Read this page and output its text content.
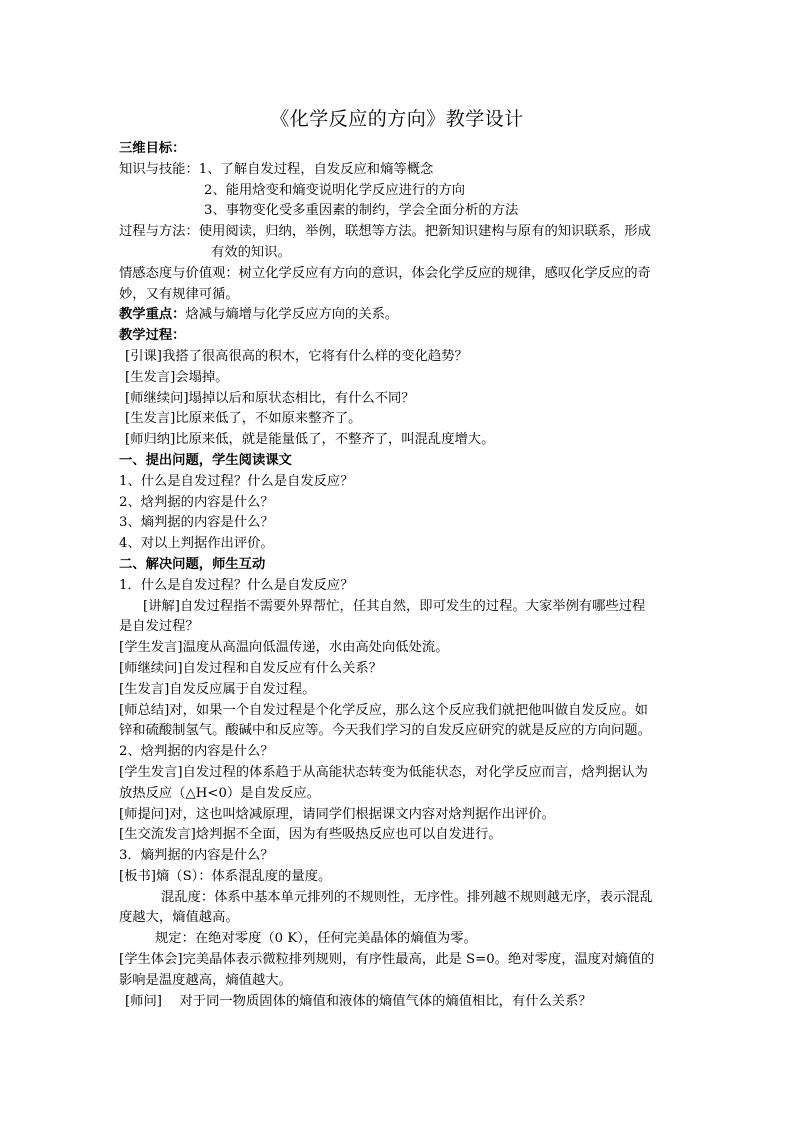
《化学反应的方向》教学设计
三维目标：
知识与技能：1、了解自发过程，自发反应和熵等概念
2、能用焓变和熵变说明化学反应进行的方向
3、事物变化受多重因素的制约，学会全面分析的方法
过程与方法：使用阅读，归纳，举例，联想等方法。把新知识建构与原有的知识联系，形成
有效的知识。
情感态度与价值观：树立化学反应有方向的意识，体会化学反应的规律，感叹化学反应的奇
妙，又有规律可循。
教学重点：焓减与熵增与化学反应方向的关系。
教学过程：
[引课]我搭了很高很高的积木，它将有什么样的变化趋势？
[生发言]会塌掉。
[师继续问]塌掉以后和原状态相比，有什么不同？
[生发言]比原来低了，不如原来整齐了。
[师归纳]比原来低，就是能量低了，不整齐了，叫混乱度增大。
一、提出问题，学生阅读课文
1、什么是自发过程？什么是自发反应？
2、焓判据的内容是什么？
3、熵判据的内容是什么？
4、对以上判据作出评价。
二、解决问题，师生互动
1．什么是自发过程？什么是自发反应？
[讲解]自发过程指不需要外界帮忙，任其自然，即可发生的过程。大家举例有哪些过程
是自发过程？
[学生发言]温度从高温向低温传递，水由高处向低处流。
[师继续问]自发过程和自发反应有什么关系？
[生发言]自发反应属于自发过程。
[师总结]对，如果一个自发过程是个化学反应，那么这个反应我们就把他叫做自发反应。如
锌和硫酸制氢气。酸碱中和反应等。今天我们学习的自发反应研究的就是反应的方向问题。
2、焓判据的内容是什么？
[学生发言]自发过程的体系趋于从高能状态转变为低能状态，对化学反应而言，焓判据认为
放热反应（△H<0）是自发反应。
[师提问]对，这也叫焓减原理，请同学们根据课文内容对焓判据作出评价。
[生交流发言]焓判据不全面，因为有些吸热反应也可以自发进行。
3．熵判据的内容是什么？
[板书]熵（S）：体系混乱度的量度。
混乱度：体系中基本单元排列的不规则性，无序性。排列越不规则越无序，表示混乱
度越大，熵值越高。
规定：在绝对零度（0 K），任何完美晶体的熵值为零。
[学生体会]完美晶体表示微粒排列规则，有序性最高，此是 S=0。绝对零度，温度对熵值的
影响是温度越高，熵值越大。
[师问]　 对于同一物质固体的熵值和液体的熵值气体的熵值相比，有什么关系？
